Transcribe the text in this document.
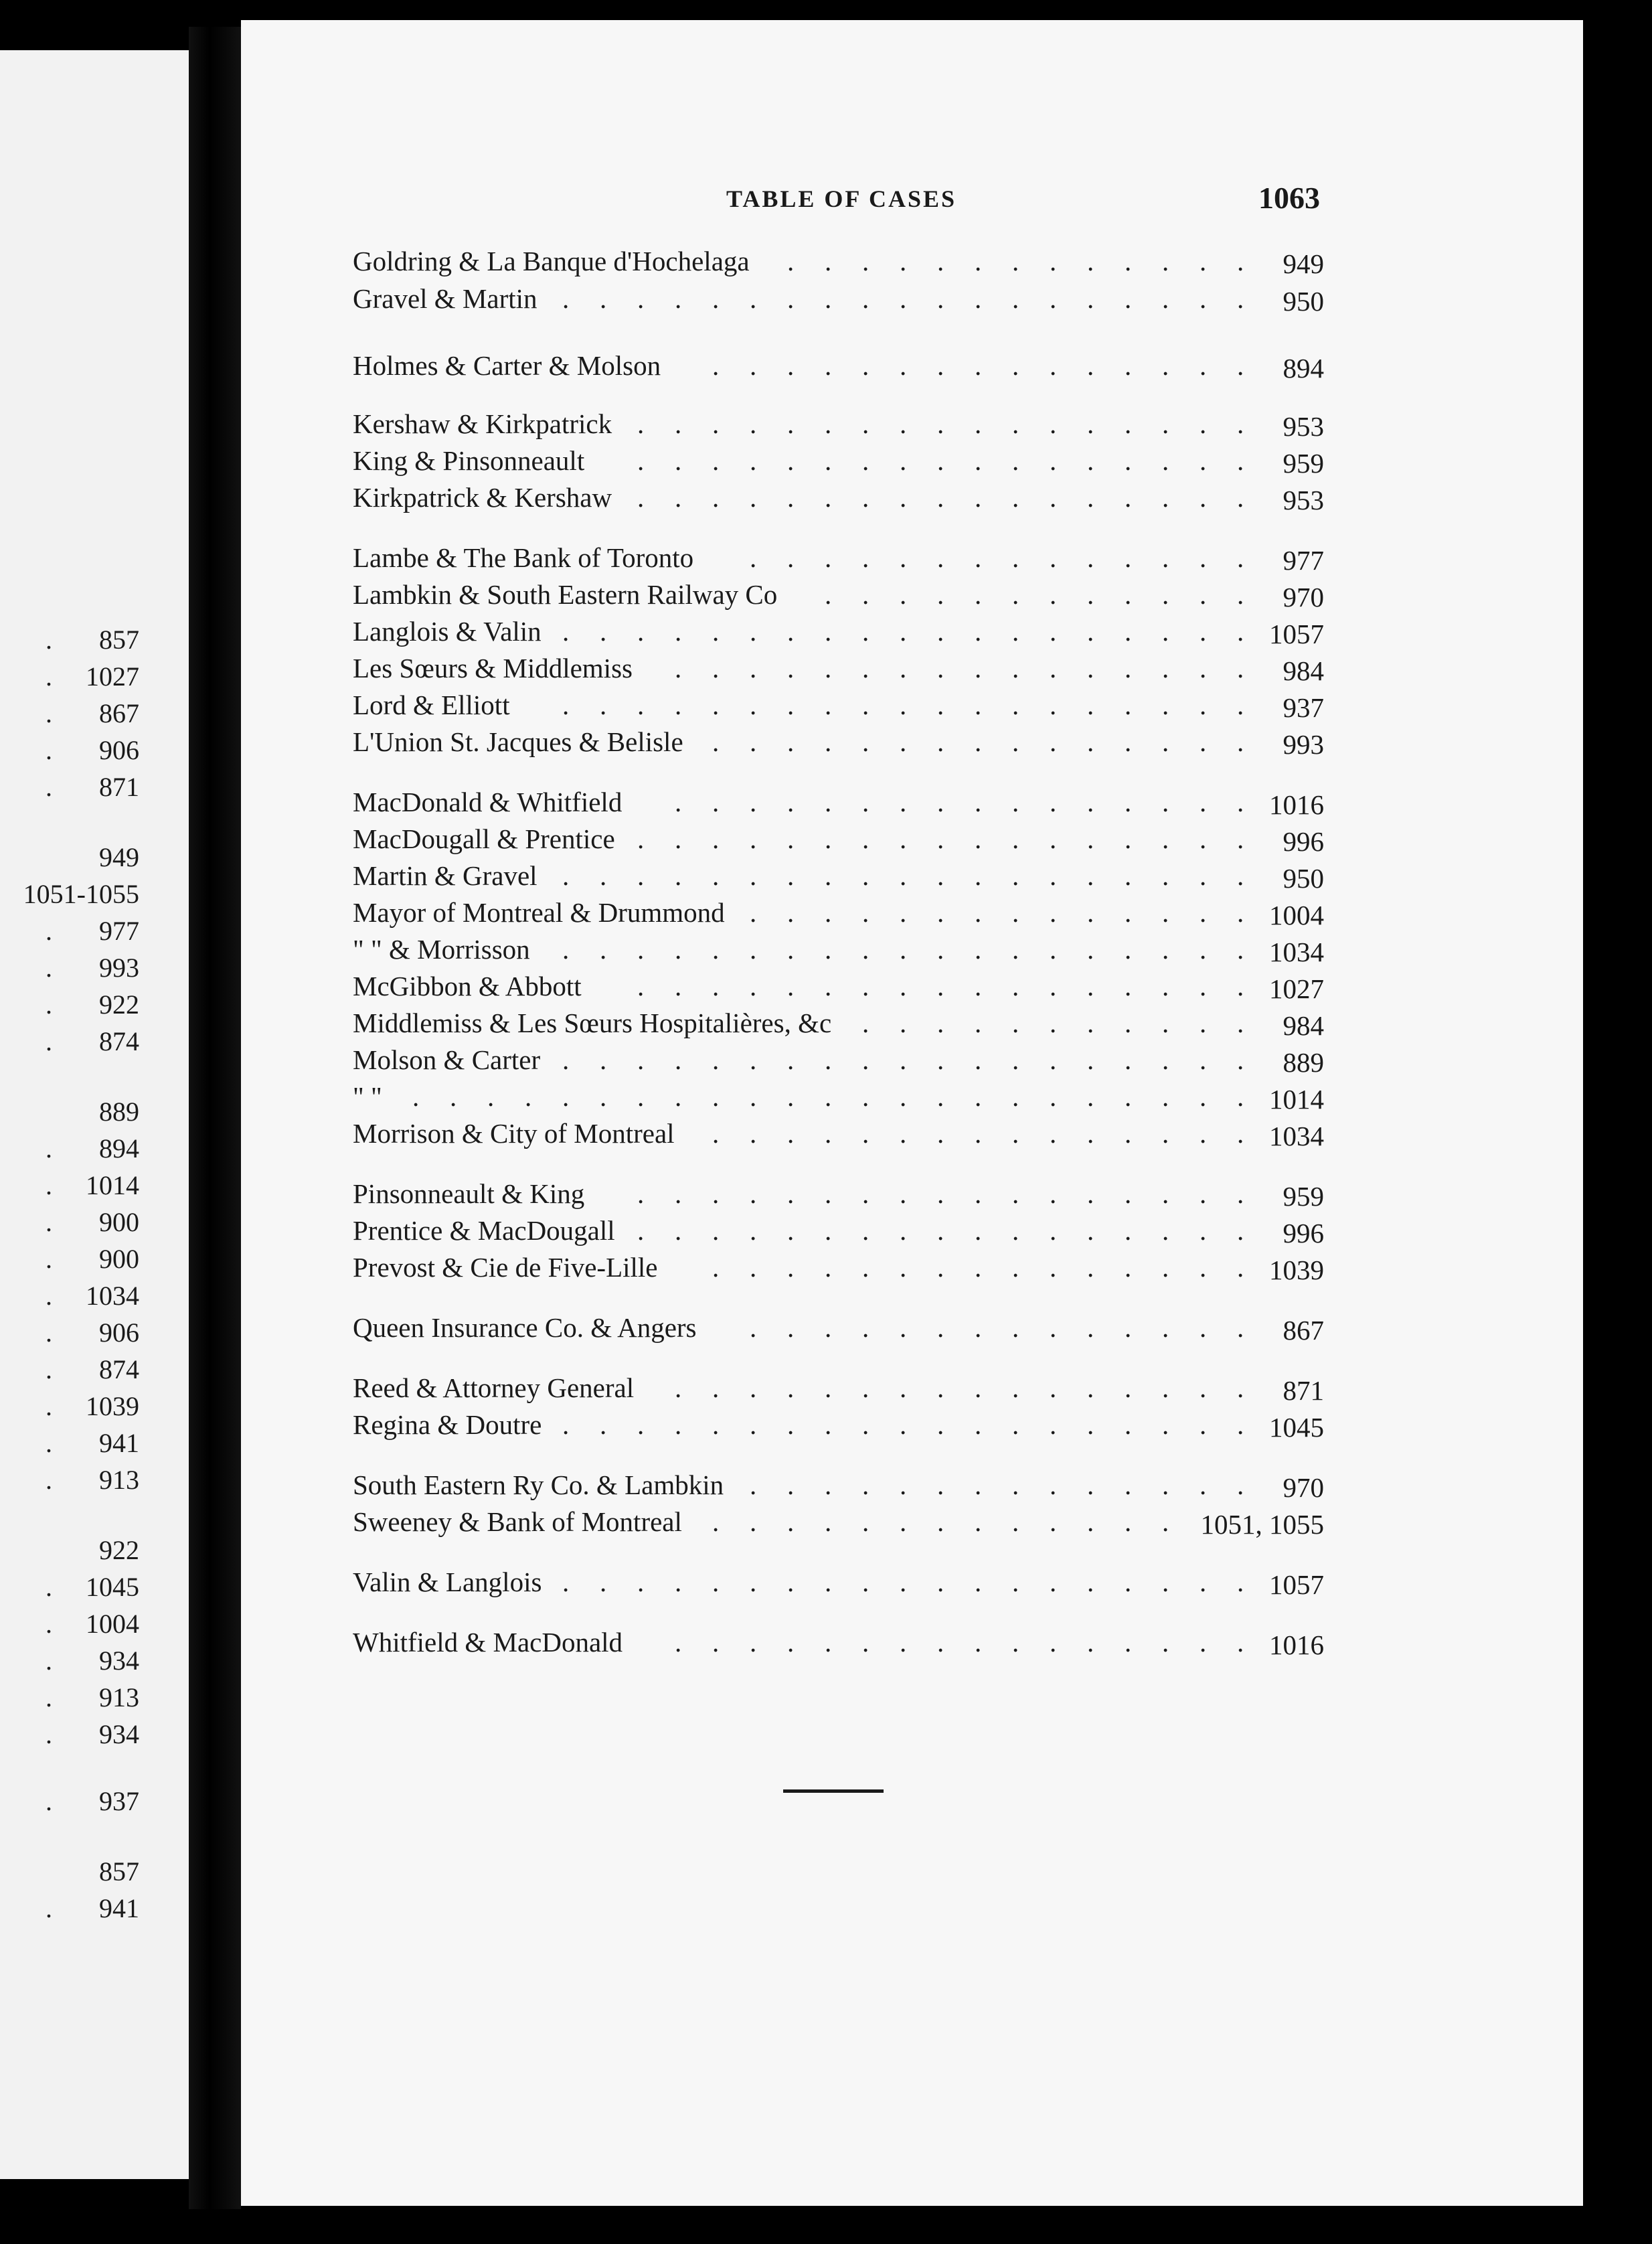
. 857
. 1027
. 867
. 906
. 871
949
1051-1055
. 977
. 993
. 922
. 874
889
. 894
. 1014
. 900
. 900
. 1034
. 906
. 874
. 1039
. 941
. 913
922
. 1045
. 1004
. 934
. 913
. 934
. 937
857
. 941
TABLE OF CASES	1063
Goldring & La Banque d'Hochelaga	949
. . . . . . . . . . . . .
Gravel & Martin	950
. . . . . . . . . . . . . . . . . . .
Holmes & Carter & Molson	894
. . . . . . . . . . . . . . .
Kershaw & Kirkpatrick	953
. . . . . . . . . . . . . . . . .
King & Pinsonneault	959
. . . . . . . . . . . . . . . . .
Kirkpatrick & Kershaw	953
. . . . . . . . . . . . . . . . .
Lambe & The Bank of Toronto	977
. . . . . . . . . . . . . .
Lambkin & South Eastern Railway Co	970
. . . . . . . . . . . .
Langlois & Valin	1057
. . . . . . . . . . . . . . . . . . .
Les Sœurs & Middlemiss	984
. . . . . . . . . . . . . . . .
Lord & Elliott	937
. . . . . . . . . . . . . . . . . . .
L'Union St. Jacques & Belisle	993
. . . . . . . . . . . . . . .
MacDonald & Whitfield	1016
. . . . . . . . . . . . . . . .
MacDougall & Prentice	996
. . . . . . . . . . . . . . . . .
Martin & Gravel	950
. . . . . . . . . . . . . . . . . . .
Mayor of Montreal & Drummond	1004
. . . . . . . . . . . . . .
" " & Morrisson	1034
. . . . . . . . . . . . . . . . . . .
McGibbon & Abbott	1027
. . . . . . . . . . . . . . . . .
Middlemiss & Les Sœurs Hospitalières, &c	984
. . . . . . . . . . .
Molson & Carter	889
. . . . . . . . . . . . . . . . . . .
" "	1014
. . . . . . . . . . . . . . . . . . . . . . .
Morrison & City of Montreal	1034
. . . . . . . . . . . . . . .
Pinsonneault & King	959
. . . . . . . . . . . . . . . . .
Prentice & MacDougall	996
. . . . . . . . . . . . . . . . .
Prevost & Cie de Five-Lille	1039
. . . . . . . . . . . . . . .
Queen Insurance Co. & Angers	867
. . . . . . . . . . . . . .
Reed & Attorney General	871
. . . . . . . . . . . . . . . .
Regina & Doutre	1045
. . . . . . . . . . . . . . . . . . .
South Eastern Ry Co. & Lambkin	970
. . . . . . . . . . . . . .
Sweeney & Bank of Montreal	1051, 1055
. . . . . . . . . . . . .
Valin & Langlois	1057
. . . . . . . . . . . . . . . . . . .
Whitfield & MacDonald	1016
. . . . . . . . . . . . . . . .
